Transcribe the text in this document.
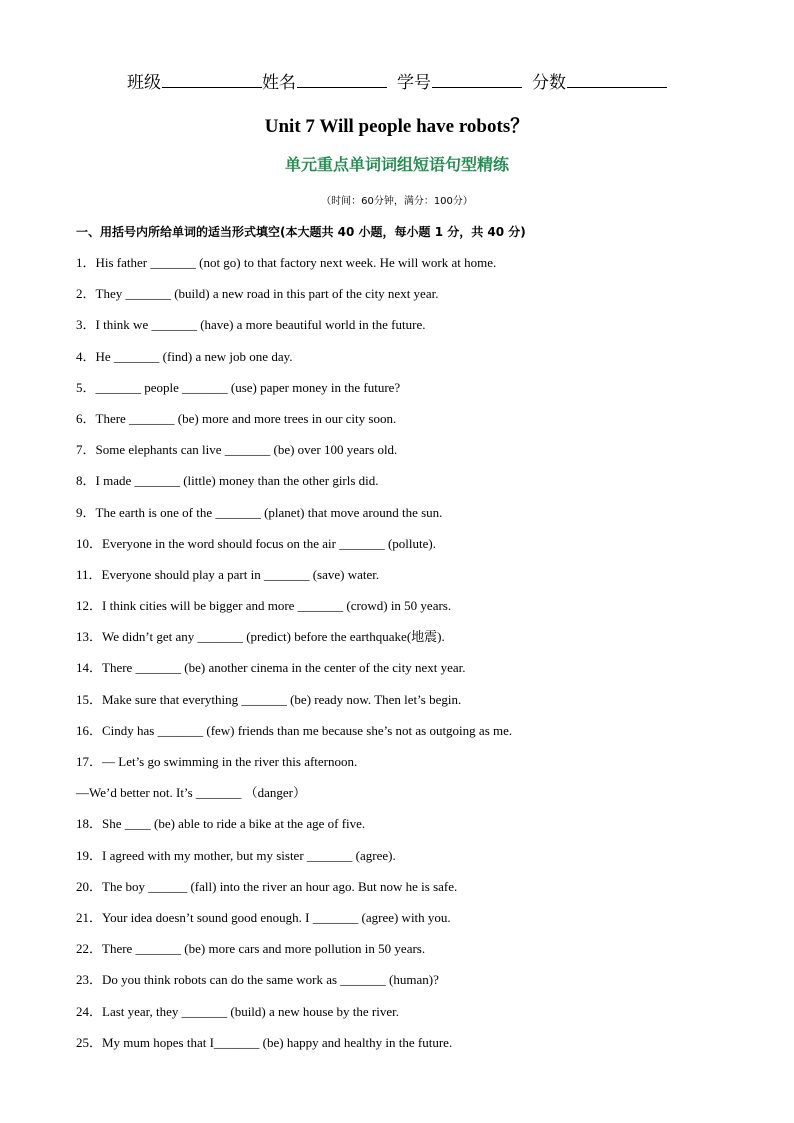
班级	姓名	学号	分数
Unit 7 Will people have robots？
单元重点单词词组短语句型精练
（时间：60分钟，满分：100分）
一、用括号内所给单词的适当形式填空(本大题共 40 小题，每小题 1 分，共 40 分)
1．His father _______ (not go) to that factory next week. He will work at home.
2．They _______ (build) a new road in this part of the city next year.
3．I think we _______ (have) a more beautiful world in the future.
4．He _______ (find) a new job one day.
5．_______ people _______ (use) paper money in the future?
6．There _______ (be) more and more trees in our city soon.
7．Some elephants can live _______ (be) over 100 years old.
8．I made _______ (little) money than the other girls did.
9．The earth is one of the _______ (planet) that move around the sun.
10．Everyone in the word should focus on the air _______ (pollute).
11．Everyone should play a part in _______ (save) water.
12．I think cities will be bigger and more _______ (crowd) in 50 years.
13．We didn’t get any _______ (predict) before the earthquake(地震).
14．There _______ (be) another cinema in the center of the city next year.
15．Make sure that everything _______ (be) ready now. Then let’s begin.
16．Cindy has _______ (few) friends than me because she’s not as outgoing as me.
17．— Let’s go swimming in the river this afternoon.
—We’d better not. It’s _______ （danger）
18．She ____ (be) able to ride a bike at the age of five.
19．I agreed with my mother, but my sister _______ (agree).
20．The boy ______ (fall) into the river an hour ago. But now he is safe.
21．Your idea doesn’t sound good enough. I _______ (agree) with you.
22．There _______ (be) more cars and more pollution in 50 years.
23．Do you think robots can do the same work as _______ (human)?
24．Last year, they _______ (build) a new house by the river.
25．My mum hopes that I_______ (be) happy and healthy in the future.
